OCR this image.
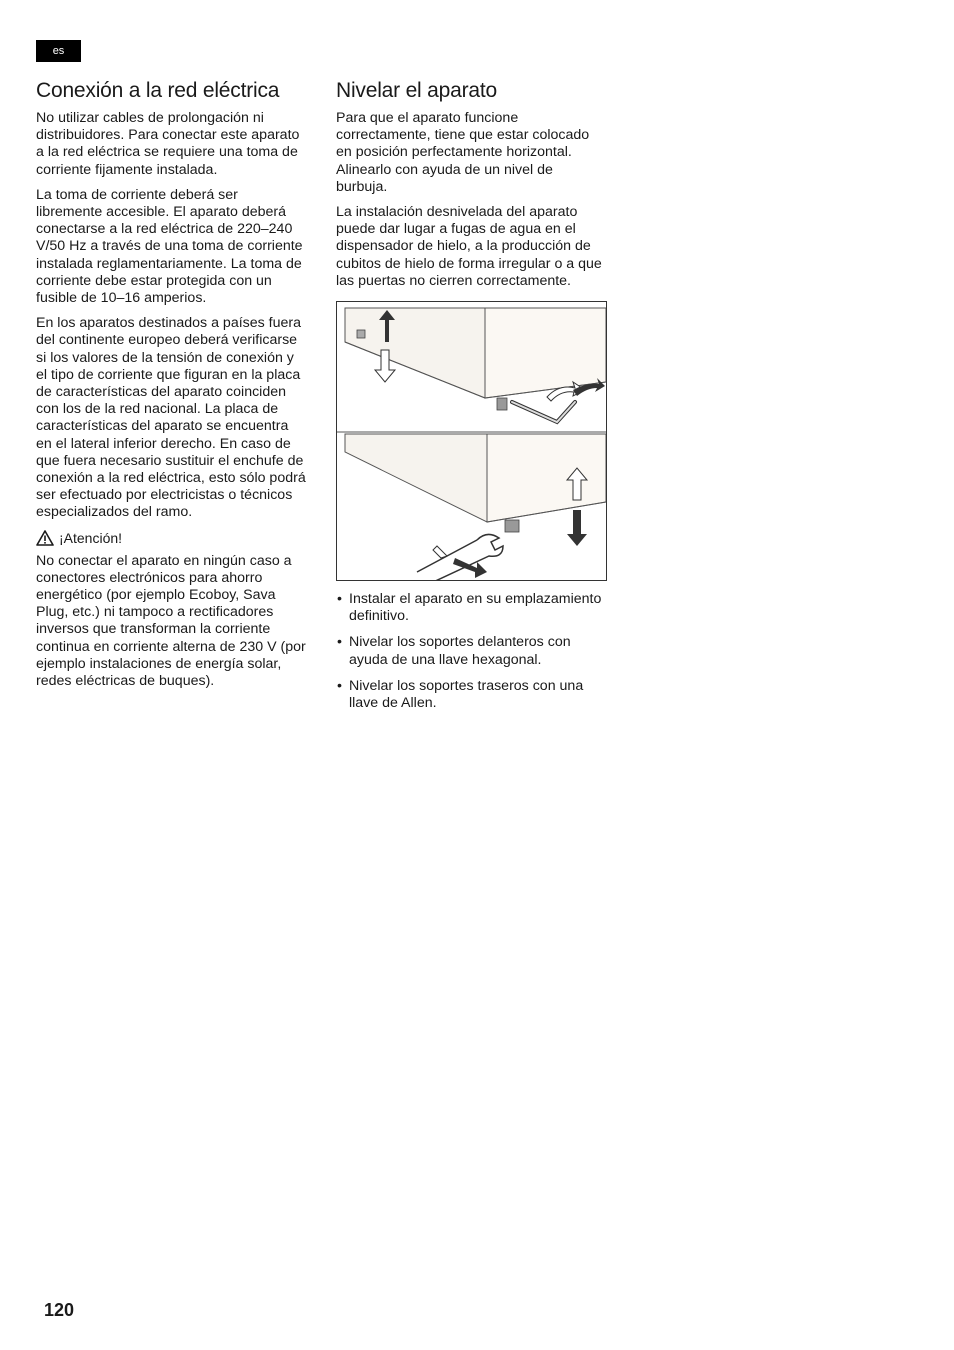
es
Conexión a la red eléctrica

No utilizar cables de prolongación ni distribuidores. Para conectar este aparato a la red eléctrica se requiere una toma de corriente fijamente instalada.

La toma de corriente deberá ser libremente accesible. El aparato deberá conectarse a la red eléctrica de 220–240 V/50 Hz a través de una toma de corriente instalada reglamentariamente. La toma de corriente debe estar protegida con un fusible de 10–16 amperios.

En los aparatos destinados a países fuera del continente europeo deberá verificarse si los valores de la tensión de conexión y el tipo de corriente que figuran en la placa de características del aparato coinciden con los de la red nacional. La placa de características del aparato se encuentra en el lateral inferior derecho. En caso de que fuera necesario sustituir el enchufe de conexión a la red eléctrica, esto sólo podrá ser efectuado por electricistas o técnicos especializados del ramo.

¡Atención!

No conectar el aparato en ningún caso a conectores electrónicos para ahorro energético (por ejemplo Ecoboy, Sava Plug, etc.) ni tampoco a rectificadores inversos que transforman la corriente continua en corriente alterna de 230 V (por ejemplo instalaciones de energía solar, redes eléctricas de buques).

Nivelar el aparato

Para que el aparato funcione correctamente, tiene que estar colocado en posición perfectamente horizontal. Alinearlo con ayuda de un nivel de burbuja.

La instalación desnivelada del aparato puede dar lugar a fugas de agua en el dispensador de hielo, a la producción de cubitos de hielo de forma irregular o a que las puertas no cierren correctamente.

• Instalar el aparato en su emplazamiento definitivo.
• Nivelar los soportes delanteros con ayuda de una llave hexagonal.
• Nivelar los soportes traseros con una llave de Allen.
120
